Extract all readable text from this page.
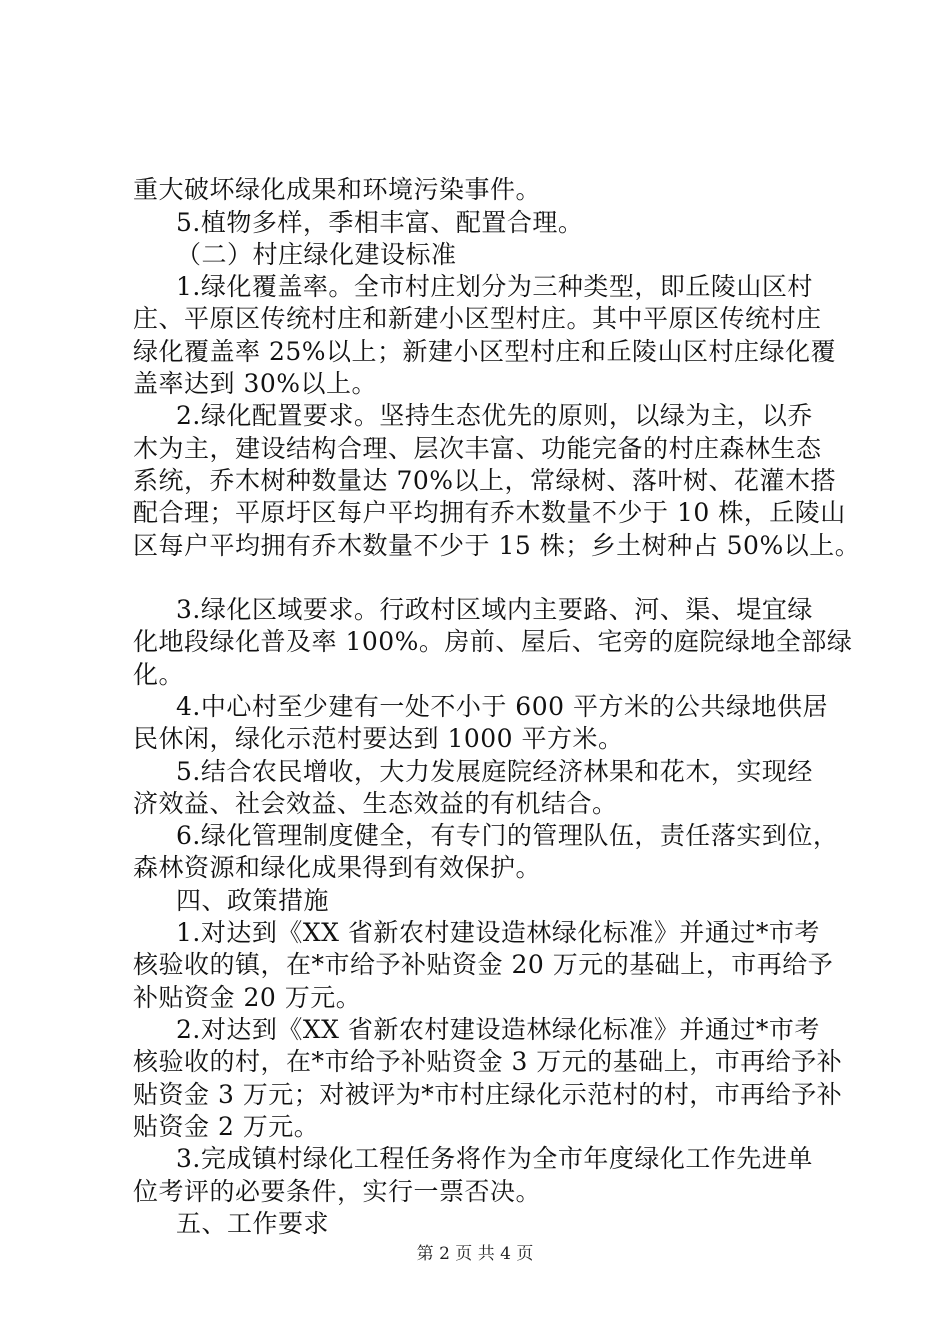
重大破坏绿化成果和环境污染事件。
5.植物多样，季相丰富、配置合理。
（二）村庄绿化建设标准
1.绿化覆盖率。全市村庄划分为三种类型，即丘陵山区村
庄、平原区传统村庄和新建小区型村庄。其中平原区传统村庄
绿化覆盖率 25%以上；新建小区型村庄和丘陵山区村庄绿化覆
盖率达到 30%以上。
2.绿化配置要求。坚持生态优先的原则，以绿为主，以乔
木为主，建设结构合理、层次丰富、功能完备的村庄森林生态
系统，乔木树种数量达 70%以上，常绿树、落叶树、花灌木搭
配合理；平原圩区每户平均拥有乔木数量不少于 10 株，丘陵山
区每户平均拥有乔木数量不少于 15 株；乡土树种占 50%以上。
3.绿化区域要求。行政村区域内主要路、河、渠、堤宜绿
化地段绿化普及率 100%。房前、屋后、宅旁的庭院绿地全部绿
化。
4.中心村至少建有一处不小于 600 平方米的公共绿地供居
民休闲，绿化示范村要达到 1000 平方米。
5.结合农民增收，大力发展庭院经济林果和花木，实现经
济效益、社会效益、生态效益的有机结合。
6.绿化管理制度健全，有专门的管理队伍，责任落实到位，
森林资源和绿化成果得到有效保护。
四、政策措施
1.对达到《XX 省新农村建设造林绿化标准》并通过*市考
核验收的镇，在*市给予补贴资金 20 万元的基础上，市再给予
补贴资金 20 万元。
2.对达到《XX 省新农村建设造林绿化标准》并通过*市考
核验收的村，在*市给予补贴资金 3 万元的基础上，市再给予补
贴资金 3 万元；对被评为*市村庄绿化示范村的村，市再给予补
贴资金 2 万元。
3.完成镇村绿化工程任务将作为全市年度绿化工作先进单
位考评的必要条件，实行一票否决。
五、工作要求
第 2 页 共 4 页
